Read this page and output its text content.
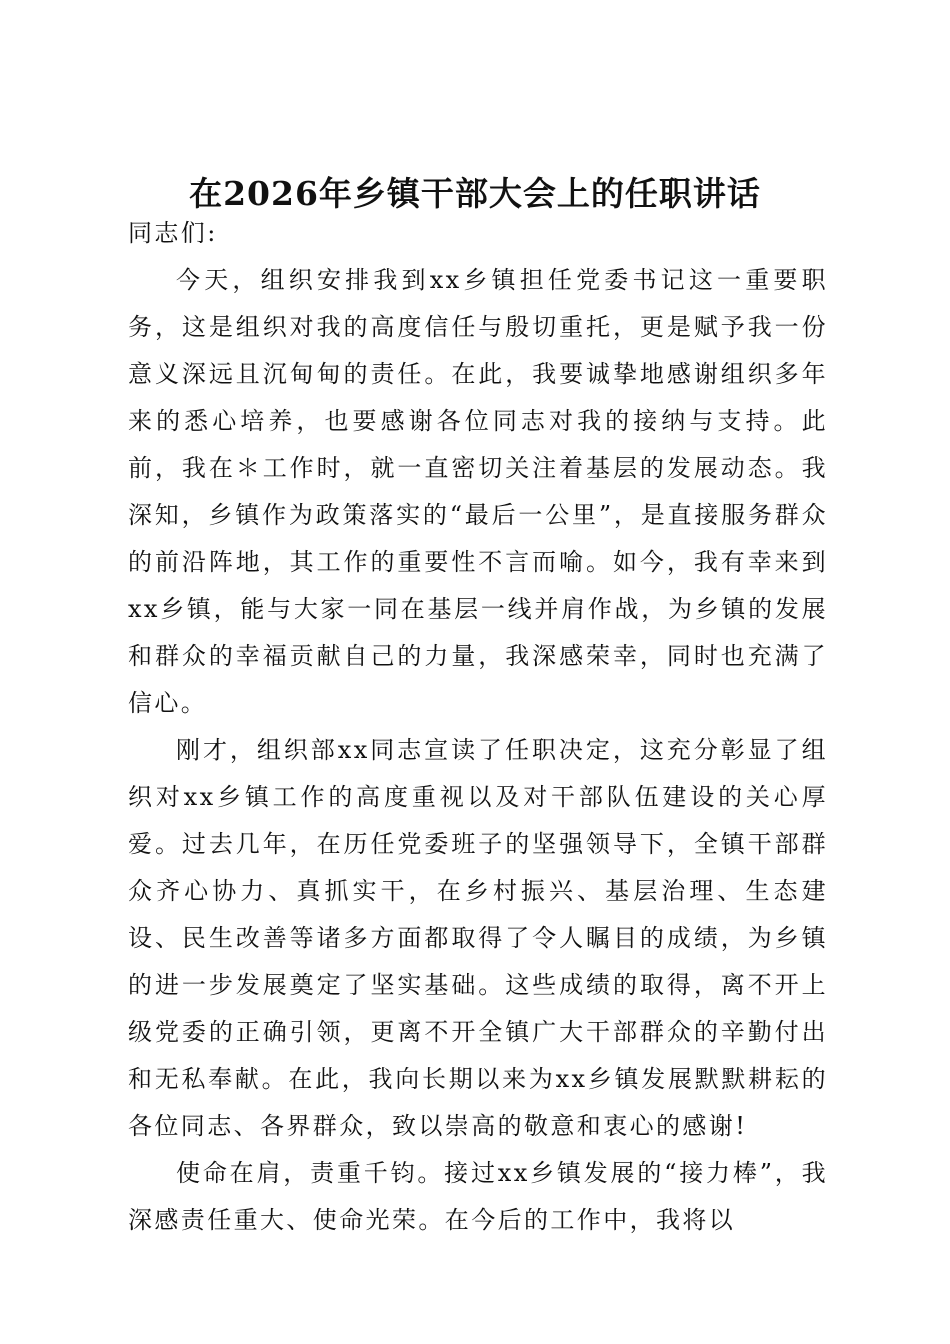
在2026年乡镇干部大会上的任职讲话

同志们:

今天，组织安排我到xx乡镇担任党委书记这一重要职务，这是组织对我的高度信任与殷切重托，更是赋予我一份意义深远且沉甸甸的责任。在此，我要诚挚地感谢组织多年来的悉心培养，也要感谢各位同志对我的接纳与支持。此前，我在＊工作时，就一直密切关注着基层的发展动态。我深知，乡镇作为政策落实的“最后一公里”，是直接服务群众的前沿阵地，其工作的重要性不言而喻。如今，我有幸来到xx乡镇，能与大家一同在基层一线并肩作战，为乡镇的发展和群众的幸福贡献自己的力量，我深感荣幸，同时也充满了信心。

刚才，组织部xx同志宣读了任职决定，这充分彰显了组织对xx乡镇工作的高度重视以及对干部队伍建设的关心厚爱。过去几年，在历任党委班子的坚强领导下，全镇干部群众齐心协力、真抓实干，在乡村振兴、基层治理、生态建设、民生改善等诸多方面都取得了令人瞩目的成绩，为乡镇的进一步发展奠定了坚实基础。这些成绩的取得，离不开上级党委的正确引领，更离不开全镇广大干部群众的辛勤付出和无私奉献。在此，我向长期以来为xx乡镇发展默默耕耘的各位同志、各界群众，致以崇高的敬意和衷心的感谢!

使命在肩，责重千钧。接过xx乡镇发展的“接力棒”，我深感责任重大、使命光荣。在今后的工作中，我将以
